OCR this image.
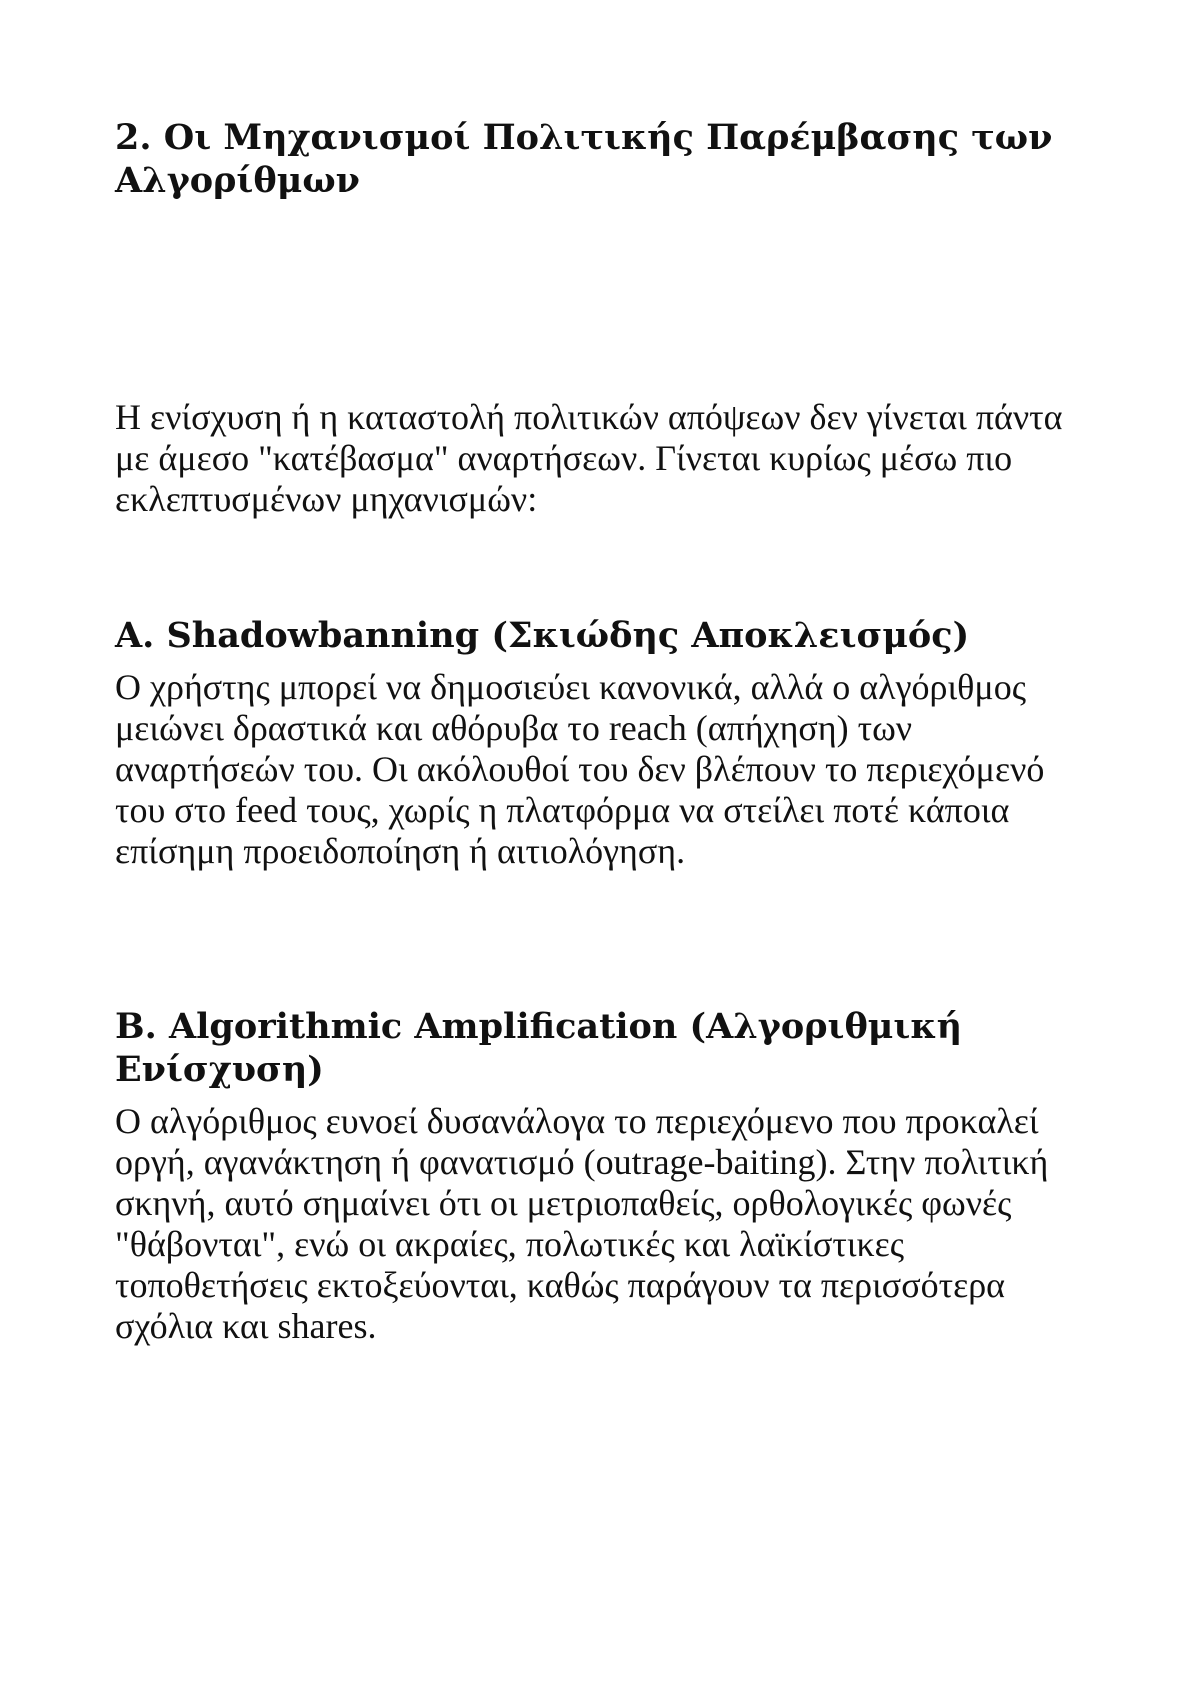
2. Οι Μηχανισμοί Πολιτικής Παρέμβασης των Αλγορίθμων

Η ενίσχυση ή η καταστολή πολιτικών απόψεων δεν γίνεται πάντα με άμεσο "κατέβασμα" αναρτήσεων. Γίνεται κυρίως μέσω πιο εκλεπτυσμένων μηχανισμών:

A. Shadowbanning (Σκιώδης Αποκλεισμός)

Ο χρήστης μπορεί να δημοσιεύει κανονικά, αλλά ο αλγόριθμος μειώνει δραστικά και αθόρυβα το reach (απήχηση) των αναρτήσεών του. Οι ακόλουθοί του δεν βλέπουν το περιεχόμενό του στο feed τους, χωρίς η πλατφόρμα να στείλει ποτέ κάποια επίσημη προειδοποίηση ή αιτιολόγηση.

B. Algorithmic Amplification (Αλγοριθμική Ενίσχυση)

Ο αλγόριθμος ευνοεί δυσανάλογα το περιεχόμενο που προκαλεί οργή, αγανάκτηση ή φανατισμό (outrage-baiting). Στην πολιτική σκηνή, αυτό σημαίνει ότι οι μετριοπαθείς, ορθολογικές φωνές "θάβονται", ενώ οι ακραίες, πολωτικές και λαϊκίστικες τοποθετήσεις εκτοξεύονται, καθώς παράγουν τα περισσότερα σχόλια και shares.
